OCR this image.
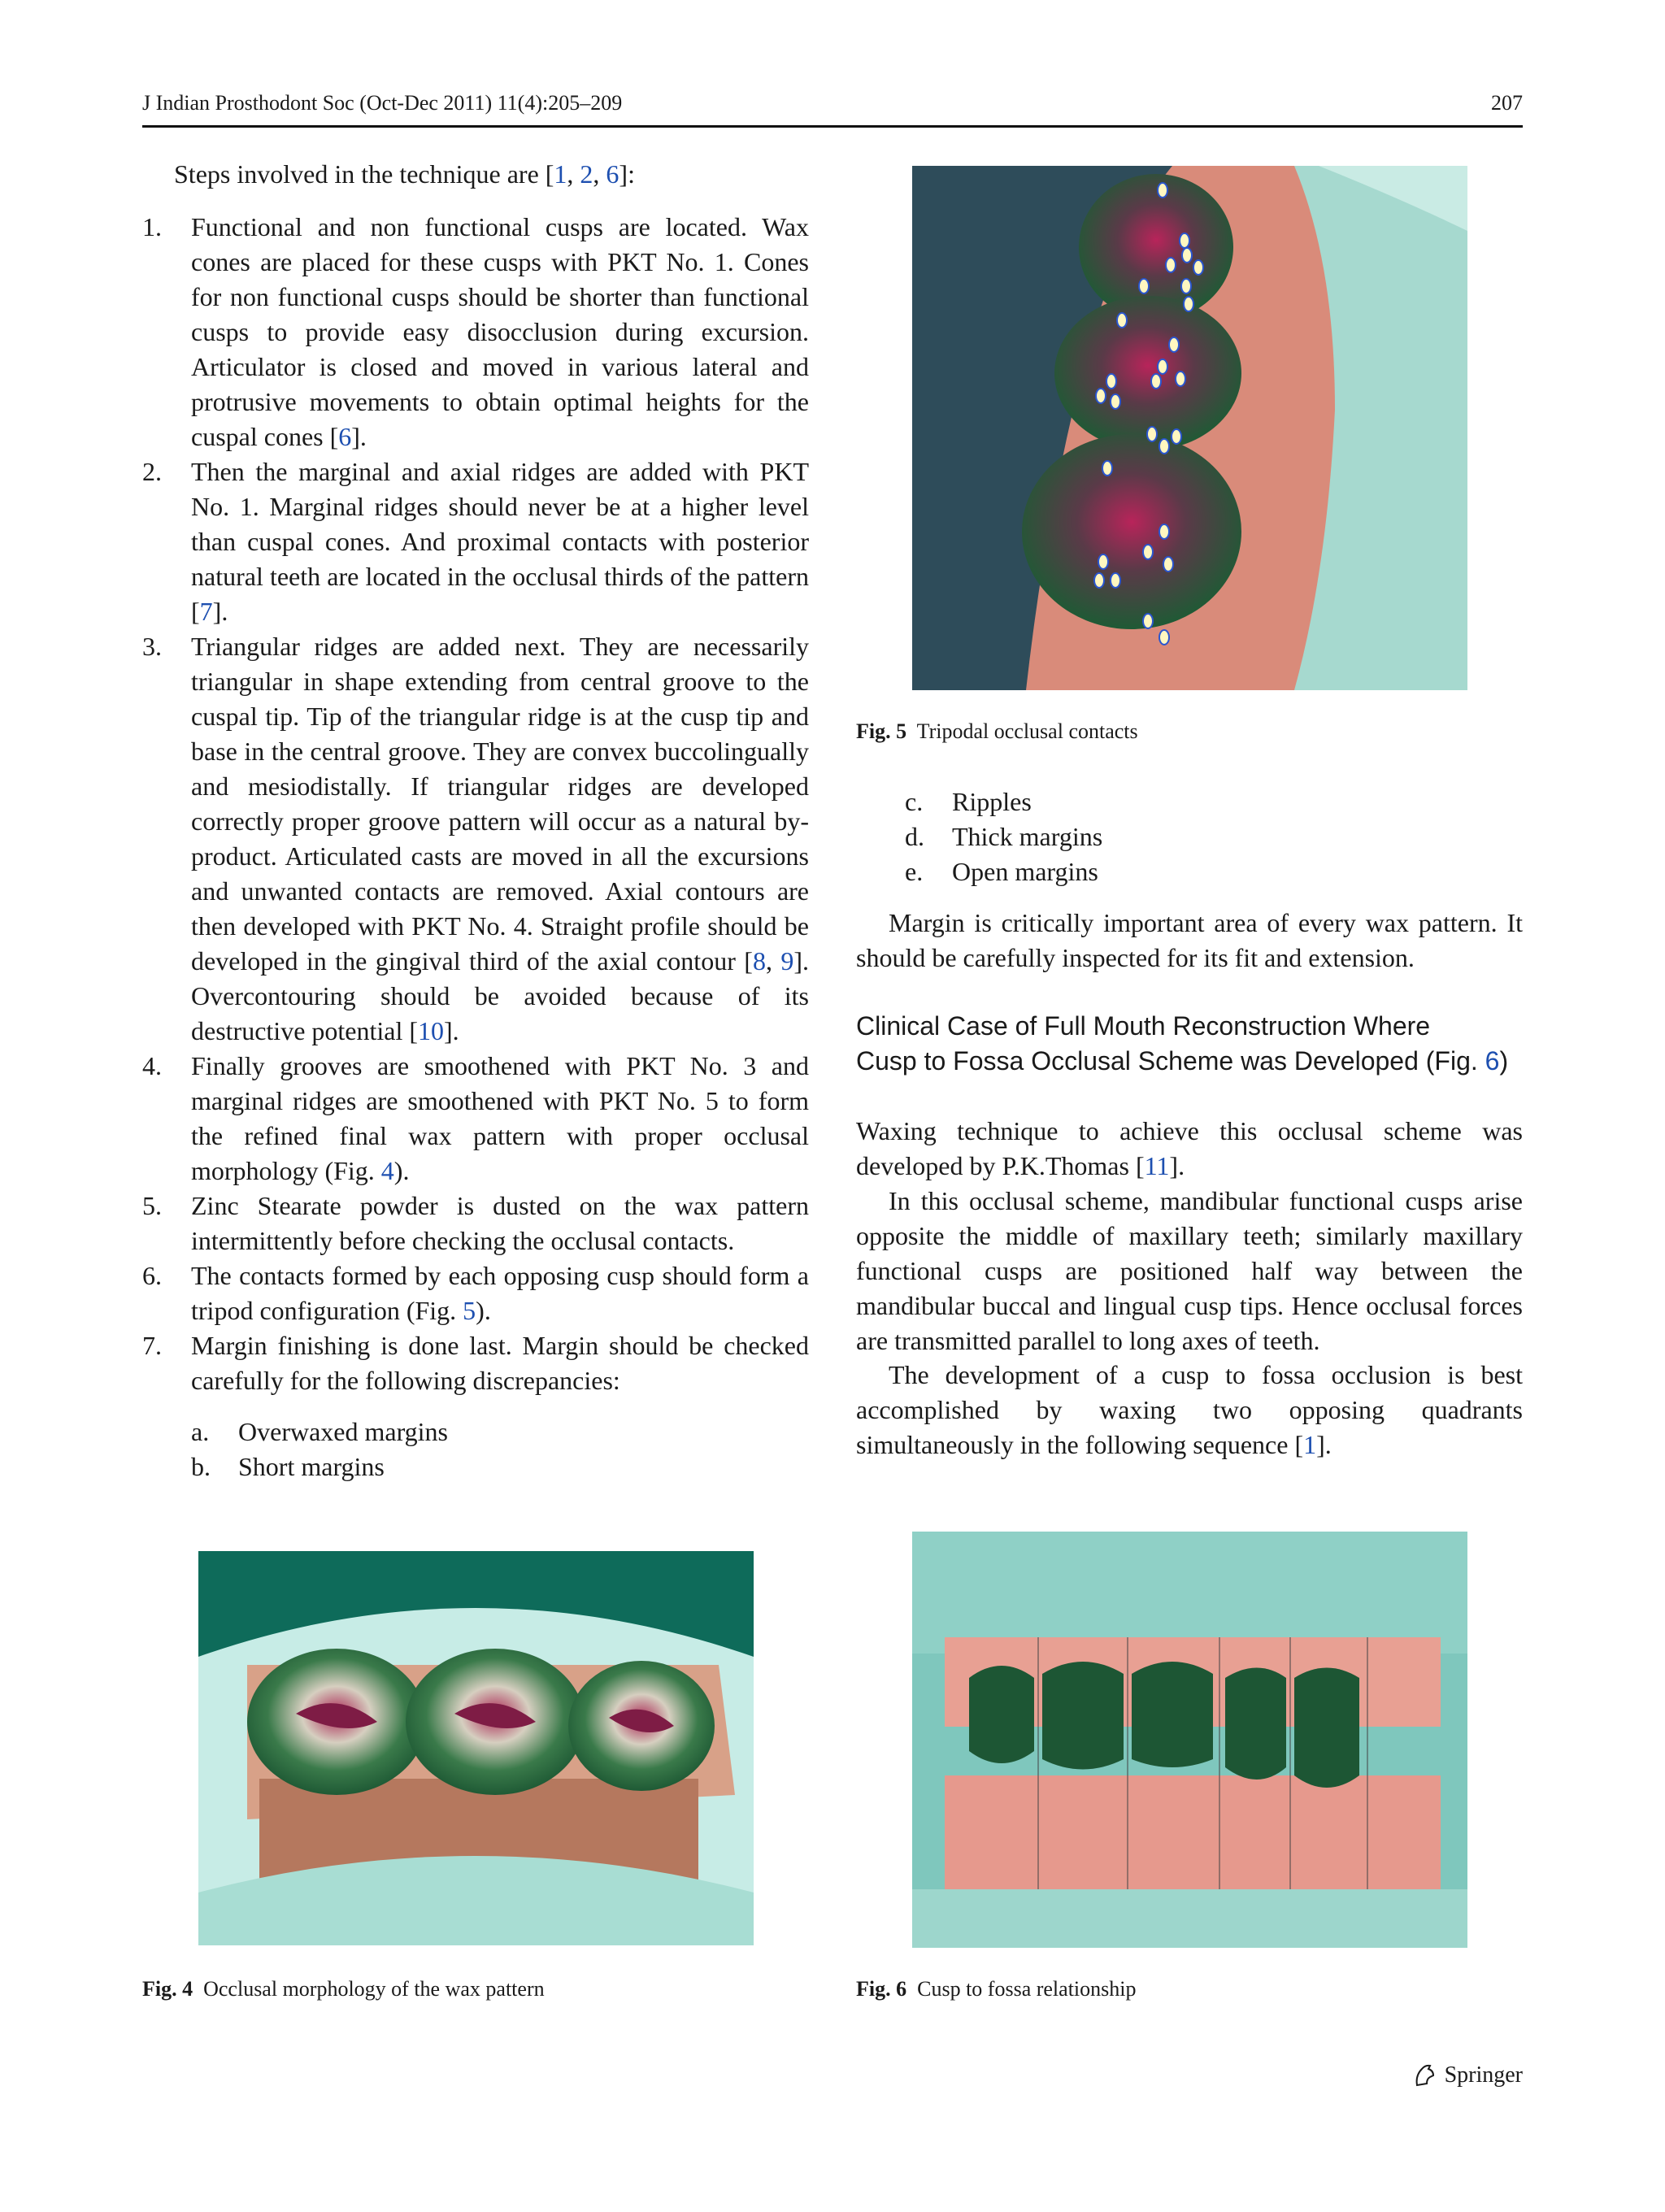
J Indian Prosthodont Soc (Oct-Dec 2011) 11(4):205–209	207
Steps involved in the technique are [1, 2, 6]:
1.	Functional and non functional cusps are located. Wax cones are placed for these cusps with PKT No. 1. Cones for non functional cusps should be shorter than functional cusps to provide easy disocclusion during excursion. Articulator is closed and moved in various lateral and protrusive movements to obtain optimal heights for the cuspal cones [6].
2.	Then the marginal and axial ridges are added with PKT No. 1. Marginal ridges should never be at a higher level than cuspal cones. And proximal contacts with posterior natural teeth are located in the occlusal thirds of the pattern [7].
3.	Triangular ridges are added next. They are necessarily triangular in shape extending from central groove to the cuspal tip. Tip of the triangular ridge is at the cusp tip and base in the central groove. They are convex buccolingually and mesiodistally. If triangular ridges are developed correctly proper groove pattern will occur as a natural by-product. Articulated casts are moved in all the excursions and unwanted contacts are removed. Axial contours are then developed with PKT No. 4. Straight profile should be developed in the gingival third of the axial contour [8, 9]. Overcontouring should be avoided because of its destructive potential [10].
4.	Finally grooves are smoothened with PKT No. 3 and marginal ridges are smoothened with PKT No. 5 to form the refined final wax pattern with proper occlusal morphology (Fig. 4).
5.	Zinc Stearate powder is dusted on the wax pattern intermittently before checking the occlusal contacts.
6.	The contacts formed by each opposing cusp should form a tripod configuration (Fig. 5).
7.	Margin finishing is done last. Margin should be checked carefully for the following discrepancies:
a. Overwaxed margins
b. Short margins
Fig. 5 Tripodal occlusal contacts
c. Ripples
d. Thick margins
e. Open margins
Margin is critically important area of every wax pattern. It should be carefully inspected for its fit and extension.
Clinical Case of Full Mouth Reconstruction Where
Cusp to Fossa Occlusal Scheme was Developed (Fig. 6)
Waxing technique to achieve this occlusal scheme was developed by P.K.Thomas [11].
In this occlusal scheme, mandibular functional cusps arise opposite the middle of maxillary teeth; similarly maxillary functional cusps are positioned half way between the mandibular buccal and lingual cusp tips. Hence occlusal forces are transmitted parallel to long axes of teeth.
The development of a cusp to fossa occlusion is best accomplished by waxing two opposing quadrants simultaneously in the following sequence [1].
Fig. 4 Occlusal morphology of the wax pattern	Fig. 6 Cusp to fossa relationship
Springer
